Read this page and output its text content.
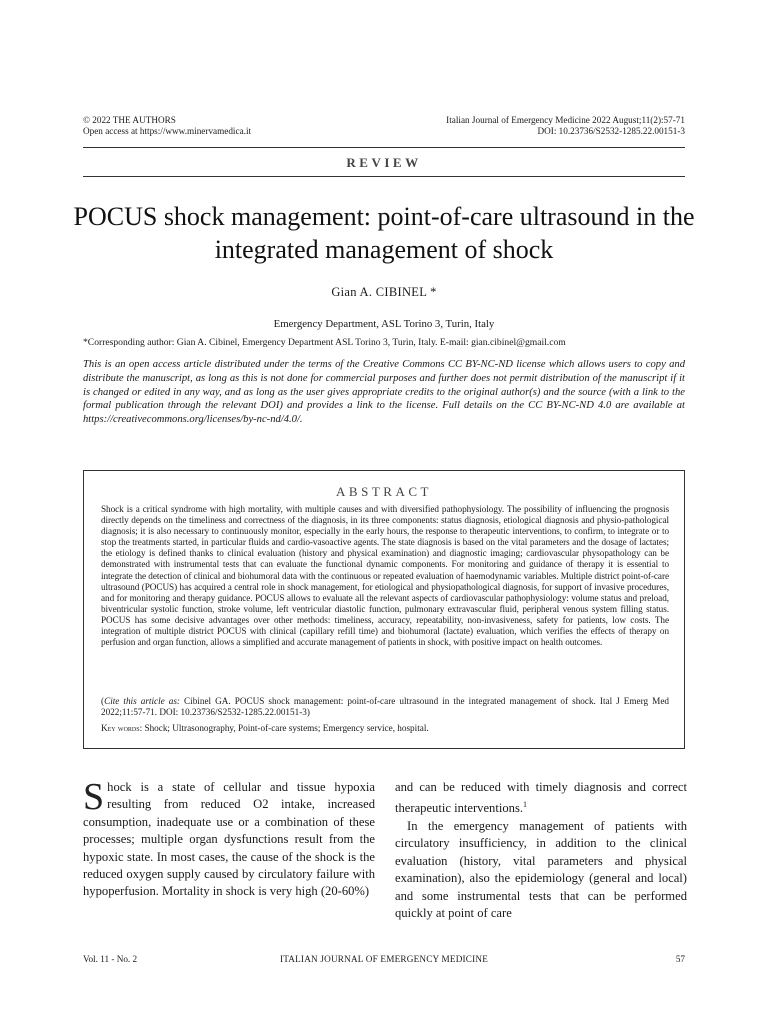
© 2022 THE AUTHORS
Open access at https://www.minervamedica.it
Italian Journal of Emergency Medicine 2022 August;11(2):57-71
DOI: 10.23736/S2532-1285.22.00151-3
REVIEW
POCUS shock management: point-of-care ultrasound in the integrated management of shock
Gian A. CIBINEL *
Emergency Department, ASL Torino 3, Turin, Italy
*Corresponding author: Gian A. Cibinel, Emergency Department ASL Torino 3, Turin, Italy. E-mail: gian.cibinel@gmail.com
This is an open access article distributed under the terms of the Creative Commons CC BY-NC-ND license which allows users to copy and distribute the manuscript, as long as this is not done for commercial purposes and further does not permit distribution of the manuscript if it is changed or edited in any way, and as long as the user gives appropriate credits to the original author(s) and the source (with a link to the formal publication through the relevant DOI) and provides a link to the license. Full details on the CC BY-NC-ND 4.0 are available at https://creativecommons.org/licenses/by-nc-nd/4.0/.
ABSTRACT
Shock is a critical syndrome with high mortality, with multiple causes and with diversified pathophysiology. The possibility of influencing the prognosis directly depends on the timeliness and correctness of the diagnosis, in its three components: status diagnosis, etiological diagnosis and physio-pathological diagnosis; it is also necessary to continuously monitor, especially in the early hours, the response to therapeutic interventions, to confirm, to integrate or to stop the treatments started, in particular fluids and cardio-vasoactive agents. The state diagnosis is based on the vital parameters and the dosage of lactates; the etiology is defined thanks to clinical evaluation (history and physical examination) and diagnostic imaging; cardiovascular physopathology can be demonstrated with instrumental tests that can evaluate the functional dynamic components. For monitoring and guidance of therapy it is essential to integrate the detection of clinical and biohumoral data with the continuous or repeated evaluation of haemodynamic variables. Multiple district point-of-care ultrasound (POCUS) has acquired a central role in shock management, for etiological and physiopathological diagnosis, for support of invasive procedures, and for monitoring and therapy guidance. POCUS allows to evaluate all the relevant aspects of cardiovascular pathophysiology: volume status and preload, biventricular systolic function, stroke volume, left ventricular diastolic function, pulmonary extravascular fluid, peripheral venous system filling status. POCUS has some decisive advantages over other methods: timeliness, accuracy, repeatability, non-invasiveness, safety for patients, low costs. The integration of multiple district POCUS with clinical (capillary refill time) and biohumoral (lactate) evaluation, which verifies the effects of therapy on perfusion and organ function, allows a simplified and accurate management of patients in shock, with positive impact on health outcomes.
(Cite this article as: Cibinel GA. POCUS shock management: point-of-care ultrasound in the integrated management of shock. Ital J Emerg Med 2022;11:57-71. DOI: 10.23736/S2532-1285.22.00151-3)
Key words: Shock; Ultrasonography, Point-of-care systems; Emergency service, hospital.

Shock is a state of cellular and tissue hypoxia resulting from reduced O2 intake, increased consumption, inadequate use or a combination of these processes; multiple organ dysfunctions result from the hypoxic state. In most cases, the cause of the shock is the reduced oxygen supply caused by circulatory failure with hypoperfusion. Mortality in shock is very high (20-60%)

and can be reduced with timely diagnosis and correct therapeutic interventions.$^1$

In the emergency management of patients with circulatory insufficiency, in addition to the clinical evaluation (history, vital parameters and physical examination), also the epidemiology (general and local) and some instrumental tests that can be performed quickly at point of care

Vol. 11 - No. 2	ITALIAN JOURNAL OF EMERGENCY MEDICINE	57
